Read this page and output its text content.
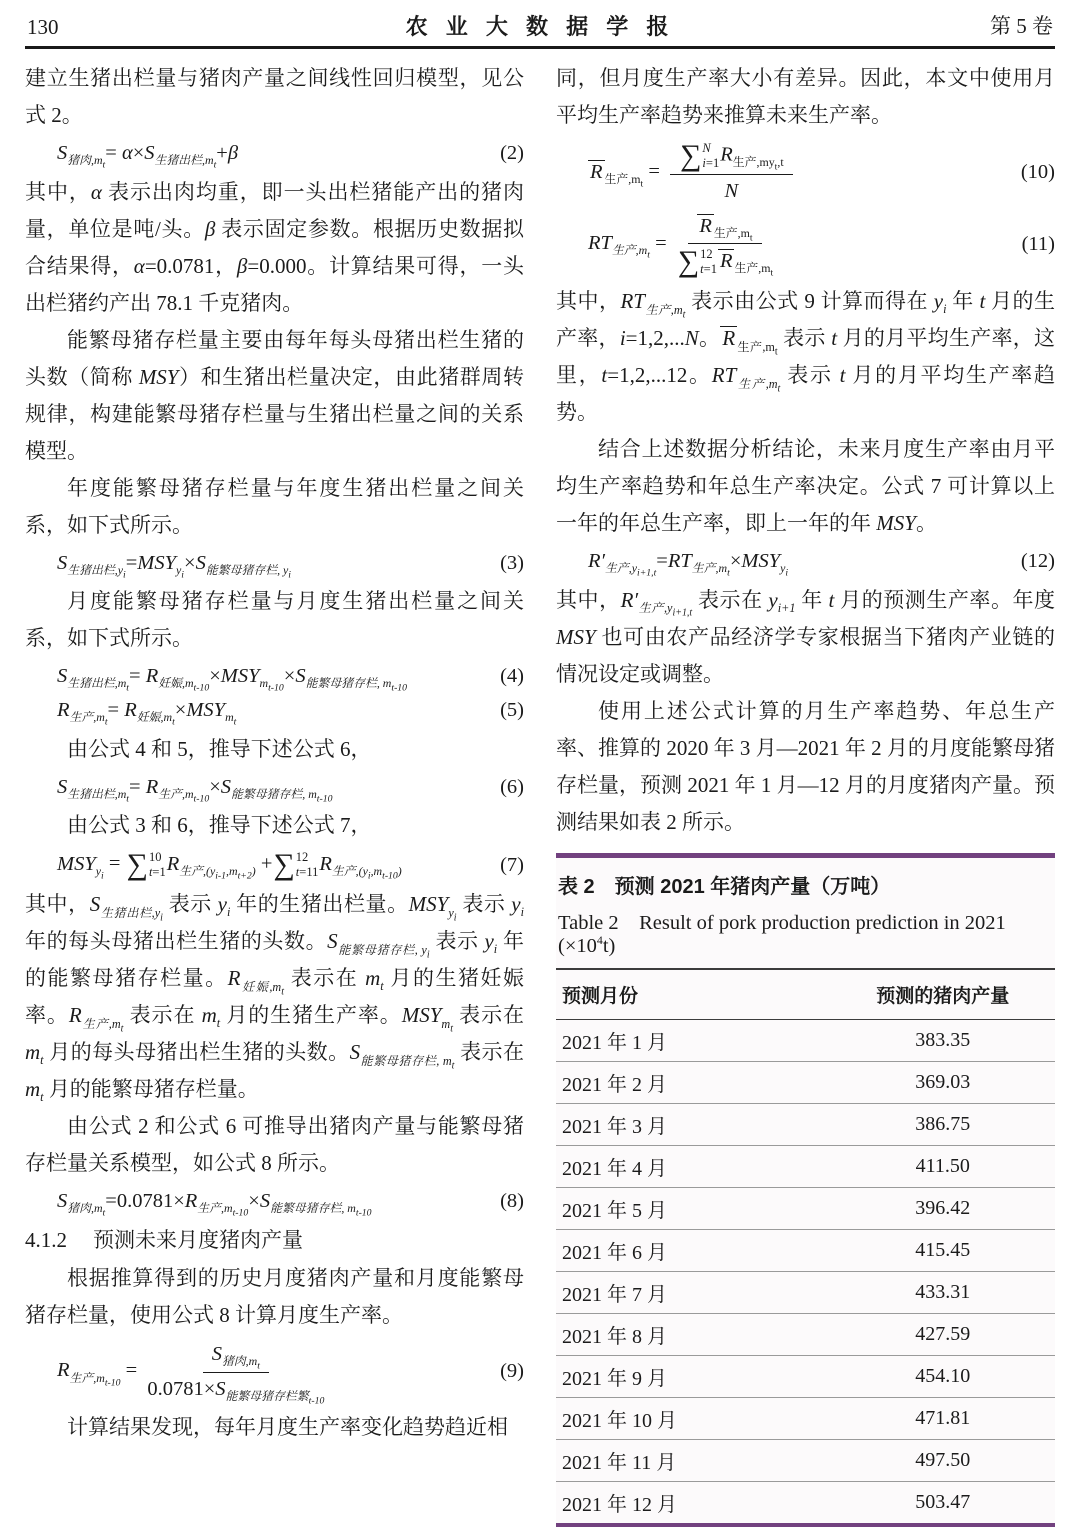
130	农 业 大 数 据 学 报	第 5 卷

建立生猪出栏量与猪肉产量之间线性回归模型，见公式 2。

$S_{猪肉,m_t}= \alpha\times S_{生猪出栏,m_t}+\beta$	(2)

其中，α 表示出肉均重，即一头出栏猪能产出的猪肉量，单位是吨/头。β 表示固定参数。根据历史数据拟合结果得，α=0.0781，β=0.000。计算结果可得，一头出栏猪约产出 78.1 千克猪肉。

能繁母猪存栏量主要由每年每头母猪出栏生猪的头数（简称 MSY）和生猪出栏量决定，由此猪群周转规律，构建能繁母猪存栏量与生猪出栏量之间的关系模型。

年度能繁母猪存栏量与年度生猪出栏量之间关系，如下式所示。

$S_{生猪出栏,y_i}=MSY_{y_i}\times S_{能繁母猪存栏, y_i}$
(3)

月度能繁母猪存栏量与月度生猪出栏量之间关系，如下式所示。

$S_{生猪出栏,m_t}= R_{妊娠,m_{t-10}}\times MSY_{m_{t-10}}\times S_{能繁母猪存栏, m_{t-10}}$
(4)
$R_{生产,m_t}= R_{妊娠,m_t}\times MSY_{m_t}$
(5)

由公式 4 和 5，推导下述公式 6，

$S_{生猪出栏,m_t}= R_{生产,m_{t-10}}\times S_{能繁母猪存栏, m_{t-10}}$
(6)

由公式 3 和 6，推导下述公式 7，

$MSY_{y_i}$ = ∑ 10
t=1 $R_{生产,(y_{i-1},m_{t+2})}$ + ∑ 12
t=11 $R_{生产,(y_i,m_{t-10})}$	(7)

其中，$S_{生猪出栏,y_i}$ 表示 $y_i$ 年的生猪出栏量。$MSY_{y_i}$ 表示 $y_i$ 年的每头母猪出栏生猪的头数。$S_{能繁母猪存栏, y_i}$ 表示 $y_i$ 年的能繁母猪存栏量。$R_{妊娠,m_t}$ 表示在 $m_t$ 月的生猪妊娠率。$R_{生产,m_t}$ 表示在 $m_t$ 月的生猪生产率。$MSY_{m_t}$ 表示在 $m_t$ 月的每头母猪出栏生猪的头数。$S_{能繁母猪存栏, m_t}$ 表示在 $m_t$ 月的能繁母猪存栏量。

由公式 2 和公式 6 可推导出猪肉产量与能繁母猪存栏量关系模型，如公式 8 所示。

$S_{猪肉,m_t}=0.0781\times R_{生产,m_{t-10}}\times S_{能繁母猪存栏, m_{t-10}}$
(8)
4.1.2 预测未来月度猪肉产量

根据推算得到的历史月度猪肉产量和月度能繁母猪存栏量，使用公式 8 计算月度生产率。

$R_{生产,m_{t-10}} = \frac{S_{猪肉,m_t}}{0.0781\times S_{能繁母猪存栏繁_{t-10}}}$	(9)

计算结果发现，每年月度生产率变化趋势趋近相

同，但月度生产率大小有差异。因此，本文中使用月平均生产率趋势来推算未来生产率。

R $_{生产,m_t}$ = ∑ N
i=1 $R_{生产,my_t,t}$
N	(10)
$RT_{生产,m_t} = R$ $_{生产,m_t}$
∑ 12
t=1 R $_{生产,m_t}$	(11)

其中，$RT_{生产,m_t}$ 表示由公式 9 计算而得在 $y_i$ 年 t 月的生产率，i=1,2,...N。R $_{生产,m_t}$ 表示 t 月的月平均生产率，这里，t=1,2,...12。$RT_{生产,m_t}$ 表示 t 月的月平均生产率趋势。

结合上述数据分析结论，未来月度生产率由月平均生产率趋势和年总生产率决定。公式 7 可计算以上一年的年总生产率，即上一年的年 MSY。

$R'_{生产,y_{i+1,t}}=RT_{生产,m_t}\times MSY_{y_i}$
(12)

其中，$R'_{生产,y_{i+1,t}}$ 表示在 $y_{i+1}$ 年 t 月的预测生产率。年度 MSY 也可由农产品经济学专家根据当下猪肉产业链的情况设定或调整。

使用上述公式计算的月生产率趋势、年总生产率、推算的 2020 年 3 月—2021 年 2 月的月度能繁母猪存栏量，预测 2021 年 1 月—12 月的月度猪肉产量。预测结果如表 2 所示。

表 2　预测 2021 年猪肉产量（万吨）
Table 2　Result of pork production prediction in 2021 $(\times 10^4t)$
预测月份	预测的猪肉产量
2021 年 1 月	383.35
2021 年 2 月	369.03
2021 年 3 月	386.75
2021 年 4 月	411.50
2021 年 5 月	396.42
2021 年 6 月	415.45
2021 年 7 月	433.31
2021 年 8 月	427.59
2021 年 9 月	454.10
2021 年 10 月	471.81
2021 年 11 月	497.50
2021 年 12 月	503.47
